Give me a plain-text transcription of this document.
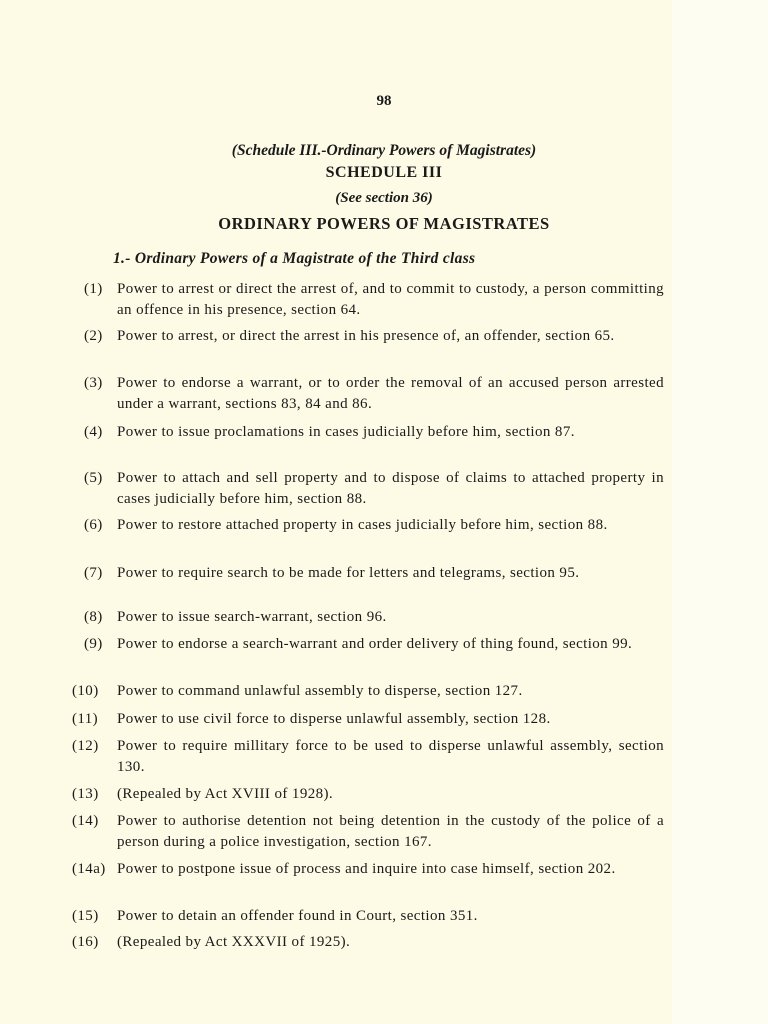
98
(Schedule III.-Ordinary Powers of Magistrates)
SCHEDULE III
(See section 36)
ORDINARY POWERS OF MAGISTRATES
1.- Ordinary Powers of a Magistrate of the Third class
(1) Power to arrest or direct the arrest of, and to commit to custody, a person committing an offence in his presence, section 64.
(2) Power to arrest, or direct the arrest in his presence of, an offender, section 65.
(3) Power to endorse a warrant, or to order the removal of an accused person arrested under a warrant, sections 83, 84 and 86.
(4) Power to issue proclamations in cases judicially before him, section 87.
(5) Power to attach and sell property and to dispose of claims to attached property in cases judicially before him, section 88.
(6) Power to restore attached property in cases judicially before him, section 88.
(7) Power to require search to be made for letters and telegrams, section 95.
(8) Power to issue search-warrant, section 96.
(9) Power to endorse a search-warrant and order delivery of thing found, section 99.
(10) Power to command unlawful assembly to disperse, section 127.
(11) Power to use civil force to disperse unlawful assembly, section 128.
(12) Power to require millitary force to be used to disperse unlawful assembly, section 130.
(13) (Repealed by Act XVIII of 1928).
(14) Power to authorise detention not being detention in the custody of the police of a person during a police investigation, section 167.
(14a) Power to postpone issue of process and inquire into case himself, section 202.
(15) Power to detain an offender found in Court, section 351.
(16) (Repealed by Act XXXVII of 1925).
